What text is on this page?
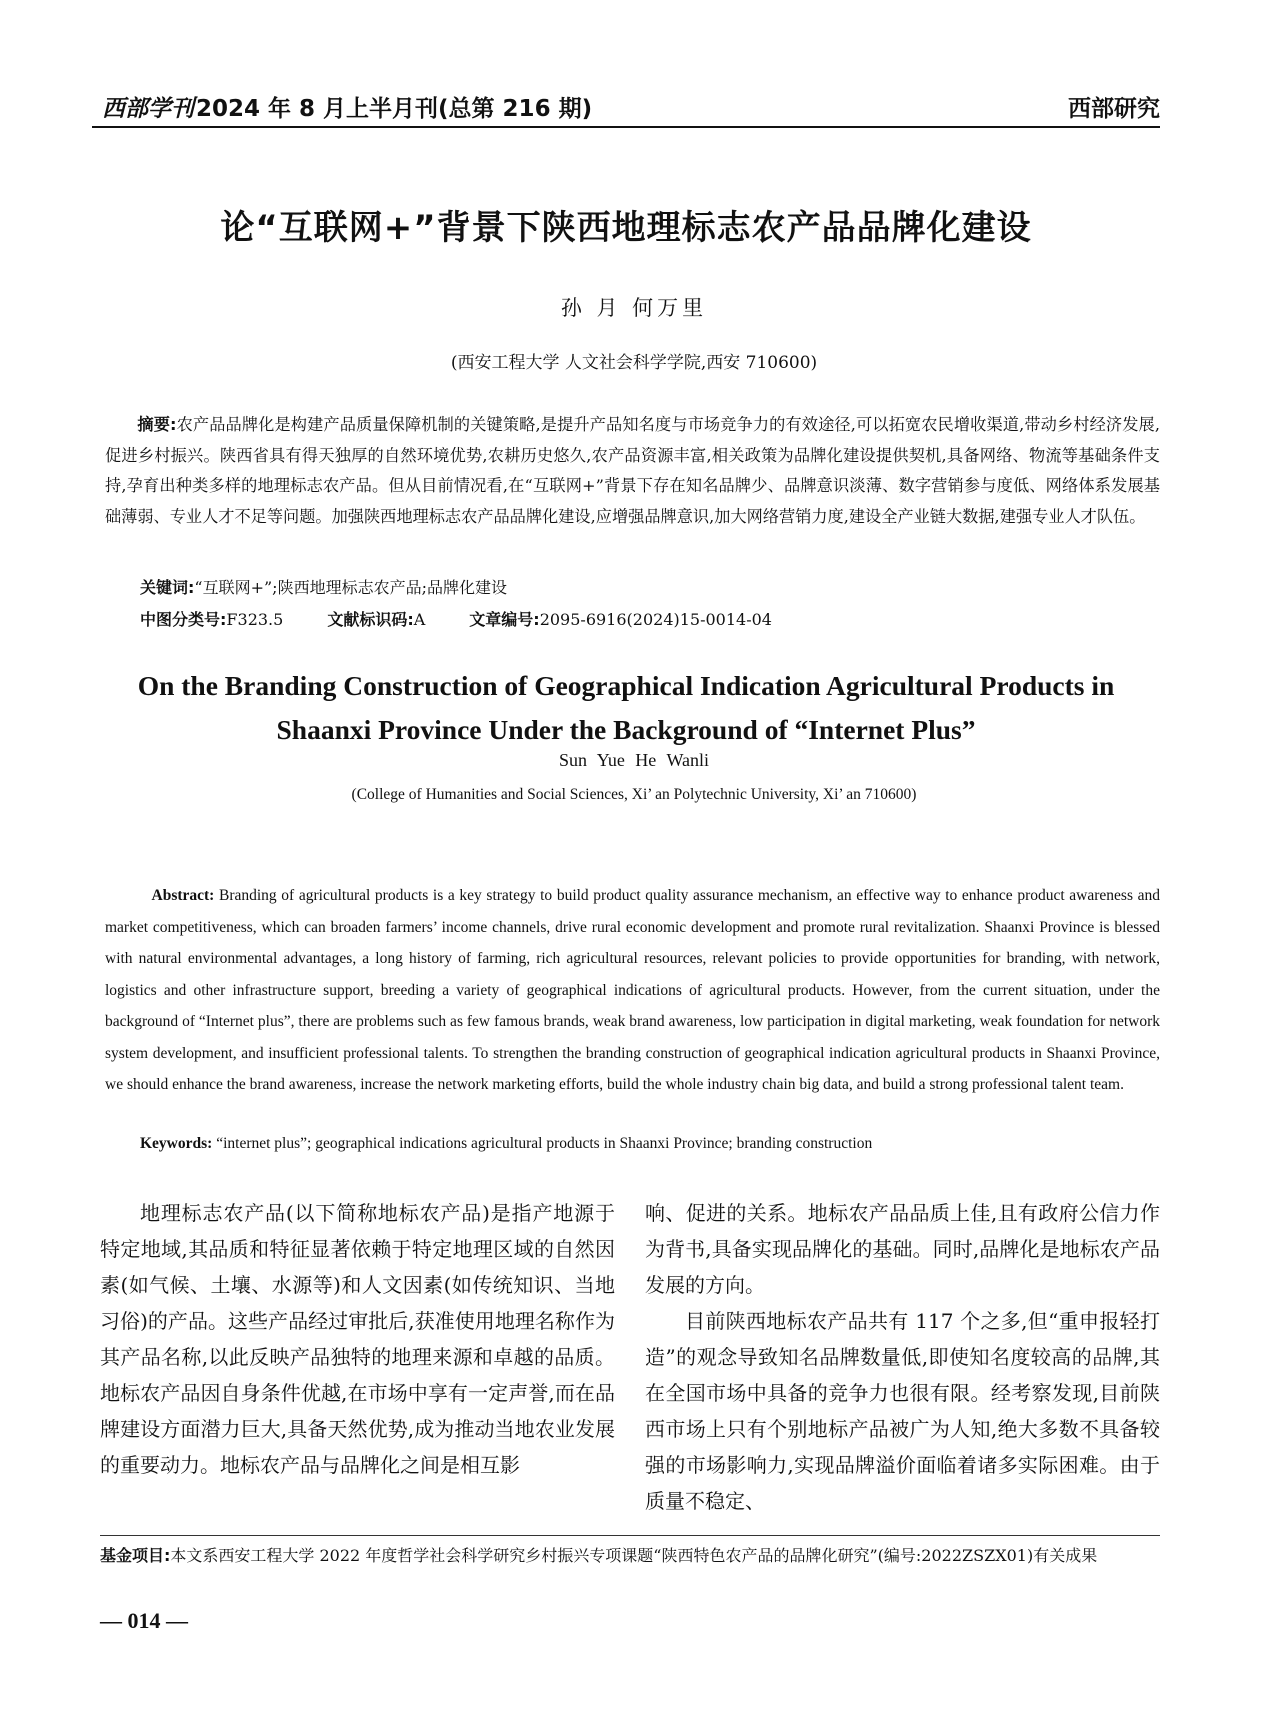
西部学刊2024 年 8 月上半月刊(总第 216 期)	西部研究
论“互联网+”背景下陕西地理标志农产品品牌化建设
孙 月 何万里
(西安工程大学 人文社会科学学院,西安 710600)
摘要:农产品品牌化是构建产品质量保障机制的关键策略,是提升产品知名度与市场竞争力的有效途径,可以拓宽农民增收渠道,带动乡村经济发展,促进乡村振兴。陕西省具有得天独厚的自然环境优势,农耕历史悠久,农产品资源丰富,相关政策为品牌化建设提供契机,具备网络、物流等基础条件支持,孕育出种类多样的地理标志农产品。但从目前情况看,在“互联网+”背景下存在知名品牌少、品牌意识淡薄、数字营销参与度低、网络体系发展基础薄弱、专业人才不足等问题。加强陕西地理标志农产品品牌化建设,应增强品牌意识,加大网络营销力度,建设全产业链大数据,建强专业人才队伍。
关键词:“互联网+”;陕西地理标志农产品;品牌化建设
中图分类号:F323.5	文献标识码:A	文章编号:2095-6916(2024)15-0014-04
On the Branding Construction of Geographical Indication Agricultural Products in Shaanxi Province Under the Background of “Internet Plus”
Sun Yue He Wanli
(College of Humanities and Social Sciences, Xi’ an Polytechnic University, Xi’ an 710600)
Abstract: Branding of agricultural products is a key strategy to build product quality assurance mechanism, an effective way to enhance product awareness and market competitiveness, which can broaden farmers’ income channels, drive rural economic development and promote rural revitalization. Shaanxi Province is blessed with natural environmental advantages, a long history of farming, rich agricultural resources, relevant policies to provide opportunities for branding, with network, logistics and other infrastructure support, breeding a variety of geographical indications of agricultural products. However, from the current situation, under the background of “Internet plus”, there are problems such as few famous brands, weak brand awareness, low participation in digital marketing, weak foundation for network system development, and insufficient professional talents. To strengthen the branding construction of geographical indication agricultural products in Shaanxi Province, we should enhance the brand awareness, increase the network marketing efforts, build the whole industry chain big data, and build a strong professional talent team.
Keywords: “internet plus”; geographical indications agricultural products in Shaanxi Province; branding construction

地理标志农产品(以下简称地标农产品)是指产地源于特定地域,其品质和特征显著依赖于特定地理区域的自然因素(如气候、土壤、水源等)和人文因素(如传统知识、当地习俗)的产品。这些产品经过审批后,获准使用地理名称作为其产品名称,以此反映产品独特的地理来源和卓越的品质。地标农产品因自身条件优越,在市场中享有一定声誉,而在品牌建设方面潜力巨大,具备天然优势,成为推动当地农业发展的重要动力。地标农产品与品牌化之间是相互影

响、促进的关系。地标农产品品质上佳,且有政府公信力作为背书,具备实现品牌化的基础。同时,品牌化是地标农产品发展的方向。

目前陕西地标农产品共有 117 个之多,但“重申报轻打造”的观念导致知名品牌数量低,即使知名度较高的品牌,其在全国市场中具备的竞争力也很有限。经考察发现,目前陕西市场上只有个别地标产品被广为人知,绝大多数不具备较强的市场影响力,实现品牌溢价面临着诸多实际困难。由于质量不稳定、

基金项目:本文系西安工程大学 2022 年度哲学社会科学研究乡村振兴专项课题“陕西特色农产品的品牌化研究”(编号:2022ZSZX01)有关成果
— 014 —
